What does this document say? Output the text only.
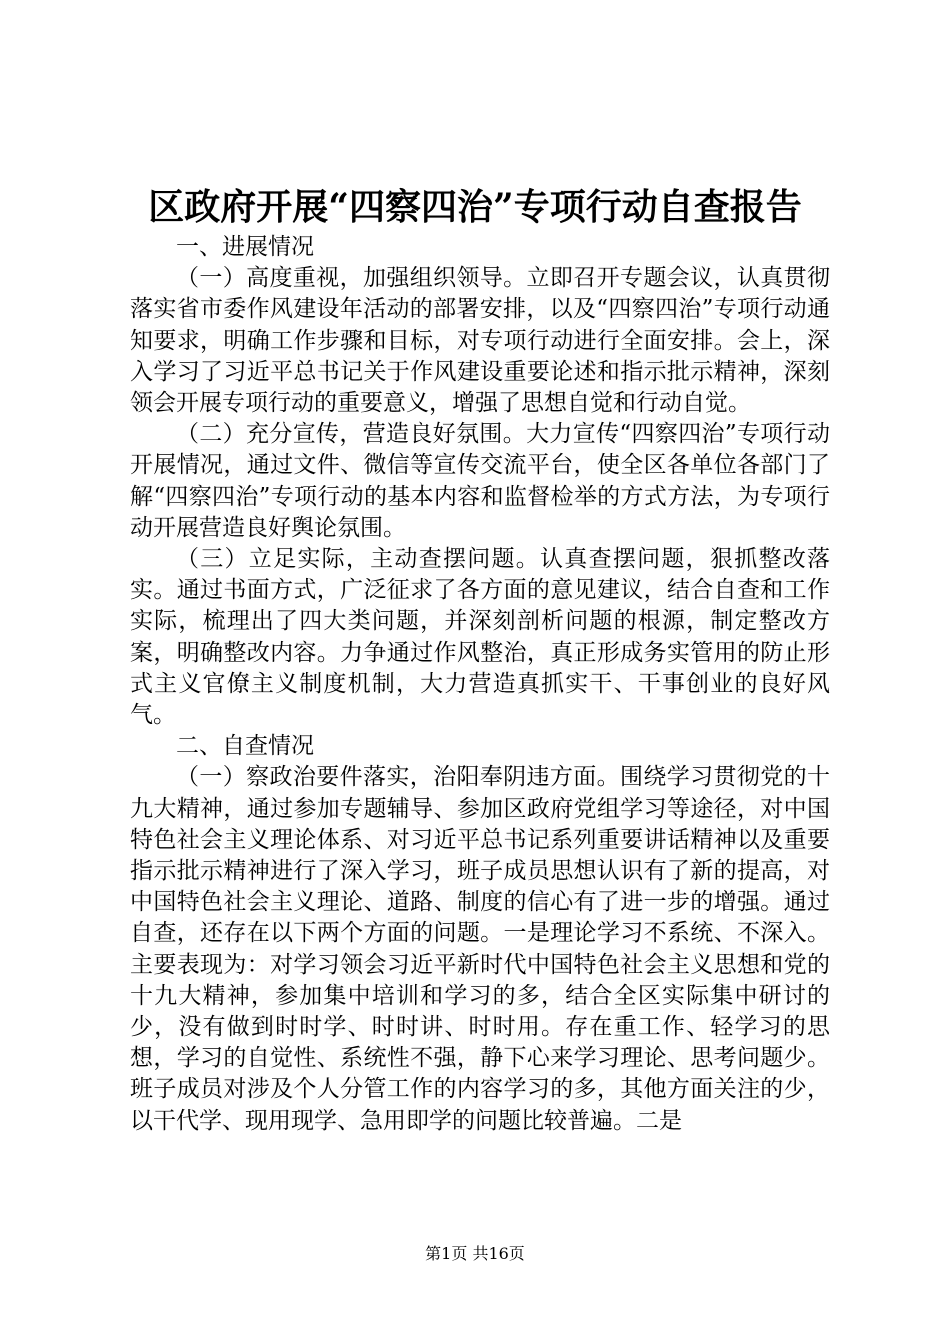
区政府开展“四察四治”专项行动自查报告

一、进展情况

（一）高度重视，加强组织领导。立即召开专题会议，认真贯彻落实省市委作风建设年活动的部署安排，以及“四察四治”专项行动通知要求，明确工作步骤和目标，对专项行动进行全面安排。会上，深入学习了习近平总书记关于作风建设重要论述和指示批示精神，深刻领会开展专项行动的重要意义，增强了思想自觉和行动自觉。

（二）充分宣传，营造良好氛围。大力宣传“四察四治”专项行动开展情况，通过文件、微信等宣传交流平台，使全区各单位各部门了解“四察四治”专项行动的基本内容和监督检举的方式方法，为专项行动开展营造良好舆论氛围。

（三）立足实际，主动查摆问题。认真查摆问题，狠抓整改落实。通过书面方式，广泛征求了各方面的意见建议，结合自查和工作实际，梳理出了四大类问题，并深刻剖析问题的根源，制定整改方案，明确整改内容。力争通过作风整治，真正形成务实管用的防止形式主义官僚主义制度机制，大力营造真抓实干、干事创业的良好风气。

二、自查情况

（一）察政治要件落实，治阳奉阴违方面。围绕学习贯彻党的十九大精神，通过参加专题辅导、参加区政府党组学习等途径，对中国特色社会主义理论体系、对习近平总书记系列重要讲话精神以及重要指示批示精神进行了深入学习，班子成员思想认识有了新的提高，对中国特色社会主义理论、道路、制度的信心有了进一步的增强。通过自查，还存在以下两个方面的问题。一是理论学习不系统、不深入。主要表现为：对学习领会习近平新时代中国特色社会主义思想和党的十九大精神，参加集中培训和学习的多，结合全区实际集中研讨的少，没有做到时时学、时时讲、时时用。存在重工作、轻学习的思想，学习的自觉性、系统性不强，静下心来学习理论、思考问题少。班子成员对涉及个人分管工作的内容学习的多，其他方面关注的少，以干代学、现用现学、急用即学的问题比较普遍。二是

第1页 共16页
